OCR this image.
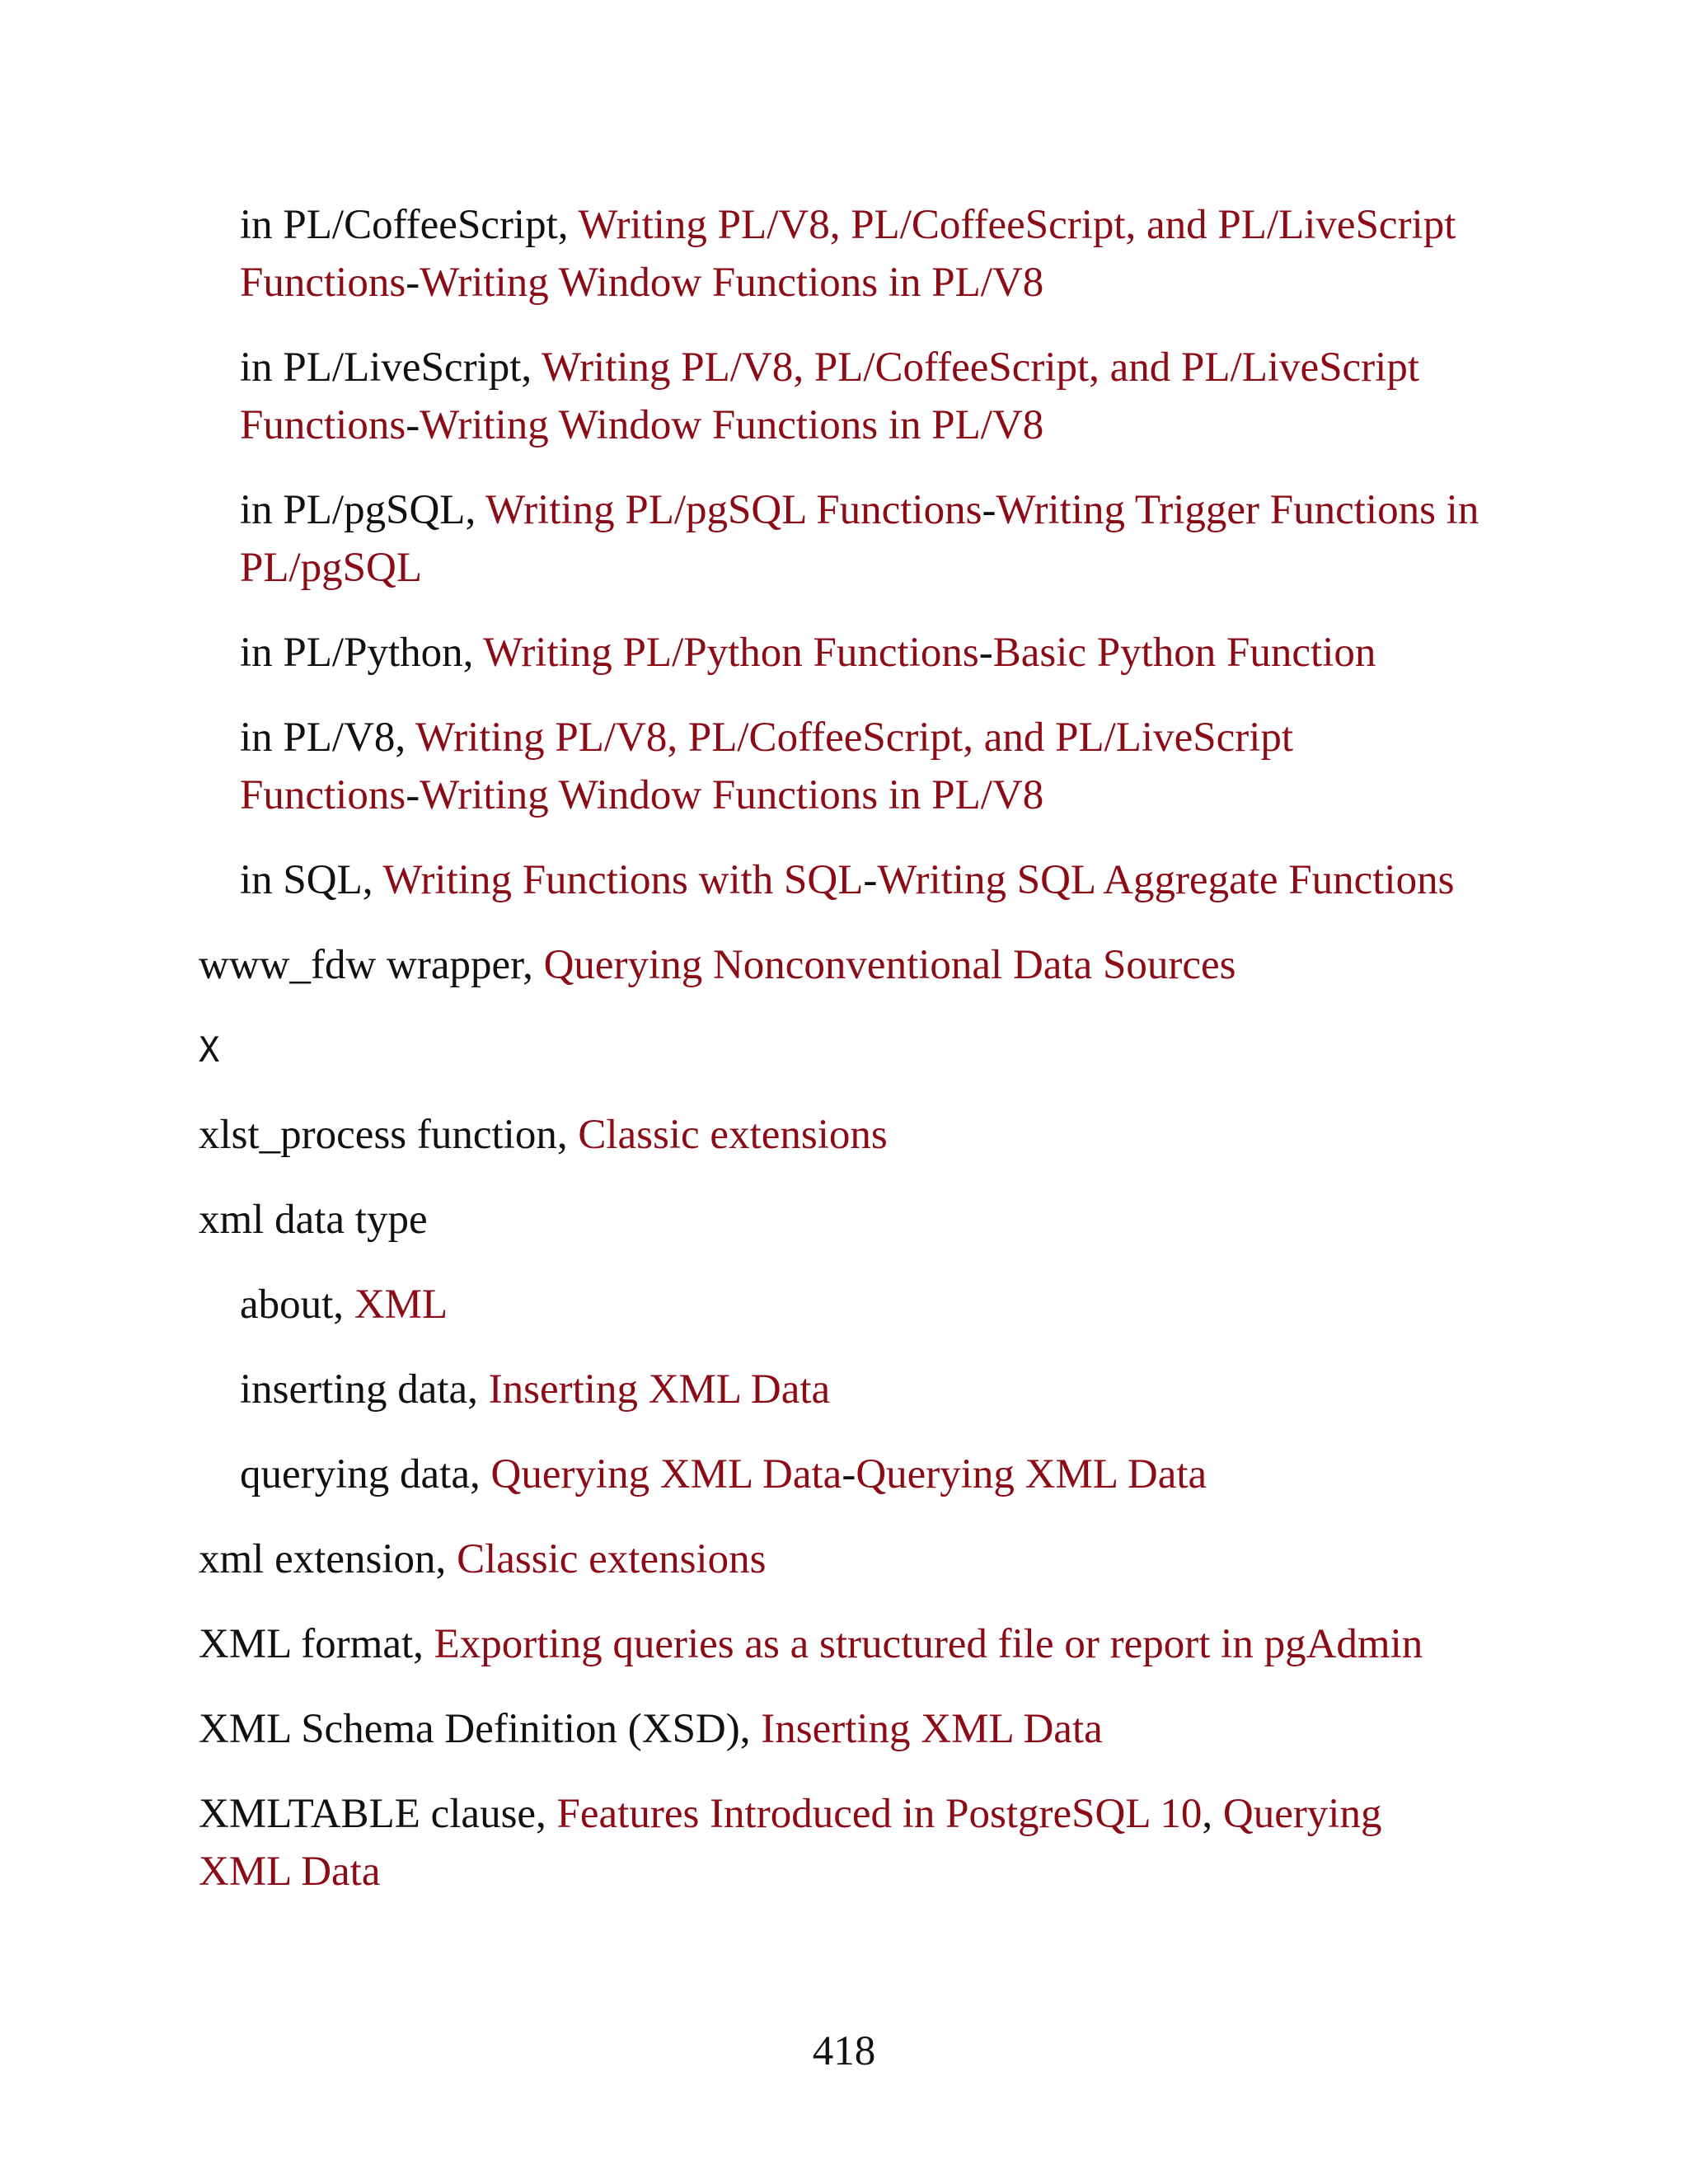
in PL/CoffeeScript, Writing PL/V8, PL/CoffeeScript, and PL/LiveScript Functions-Writing Window Functions in PL/V8
in PL/LiveScript, Writing PL/V8, PL/CoffeeScript, and PL/LiveScript Functions-Writing Window Functions in PL/V8
in PL/pgSQL, Writing PL/pgSQL Functions-Writing Trigger Functions in PL/pgSQL
in PL/Python, Writing PL/Python Functions-Basic Python Function
in PL/V8, Writing PL/V8, PL/CoffeeScript, and PL/LiveScript Functions-Writing Window Functions in PL/V8
in SQL, Writing Functions with SQL-Writing SQL Aggregate Functions
www_fdw wrapper, Querying Nonconventional Data Sources
X
xlst_process function, Classic extensions
xml data type
about, XML
inserting data, Inserting XML Data
querying data, Querying XML Data-Querying XML Data
xml extension, Classic extensions
XML format, Exporting queries as a structured file or report in pgAdmin
XML Schema Definition (XSD), Inserting XML Data
XMLTABLE clause, Features Introduced in PostgreSQL 10, Querying XML Data
418
